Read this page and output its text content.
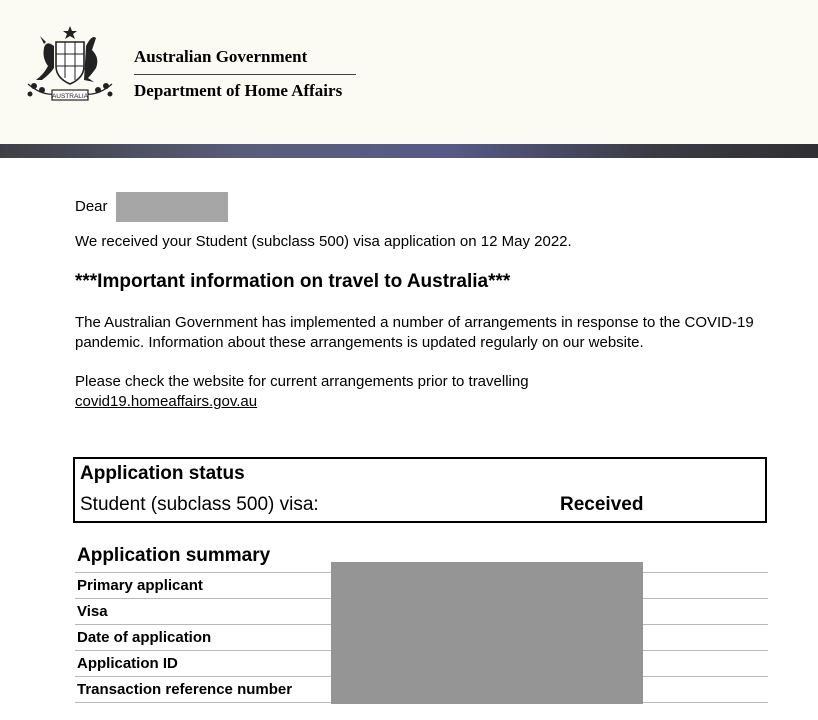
AUSTRALIA
Australian Government
Department of Home Affairs
Dear

We received your Student (subclass 500) visa application on 12 May 2022.

***Important information on travel to Australia***

The Australian Government has implemented a number of arrangements in response to the COVID-19 pandemic. Information about these arrangements is updated regularly on our website.

Please check the website for current arrangements prior to travelling

covid19.homeaffairs.gov.au

Application status
Student (subclass 500) visa:	Received
Application summary
Primary applicant
Visa
Date of application
Application ID
Transaction reference number
